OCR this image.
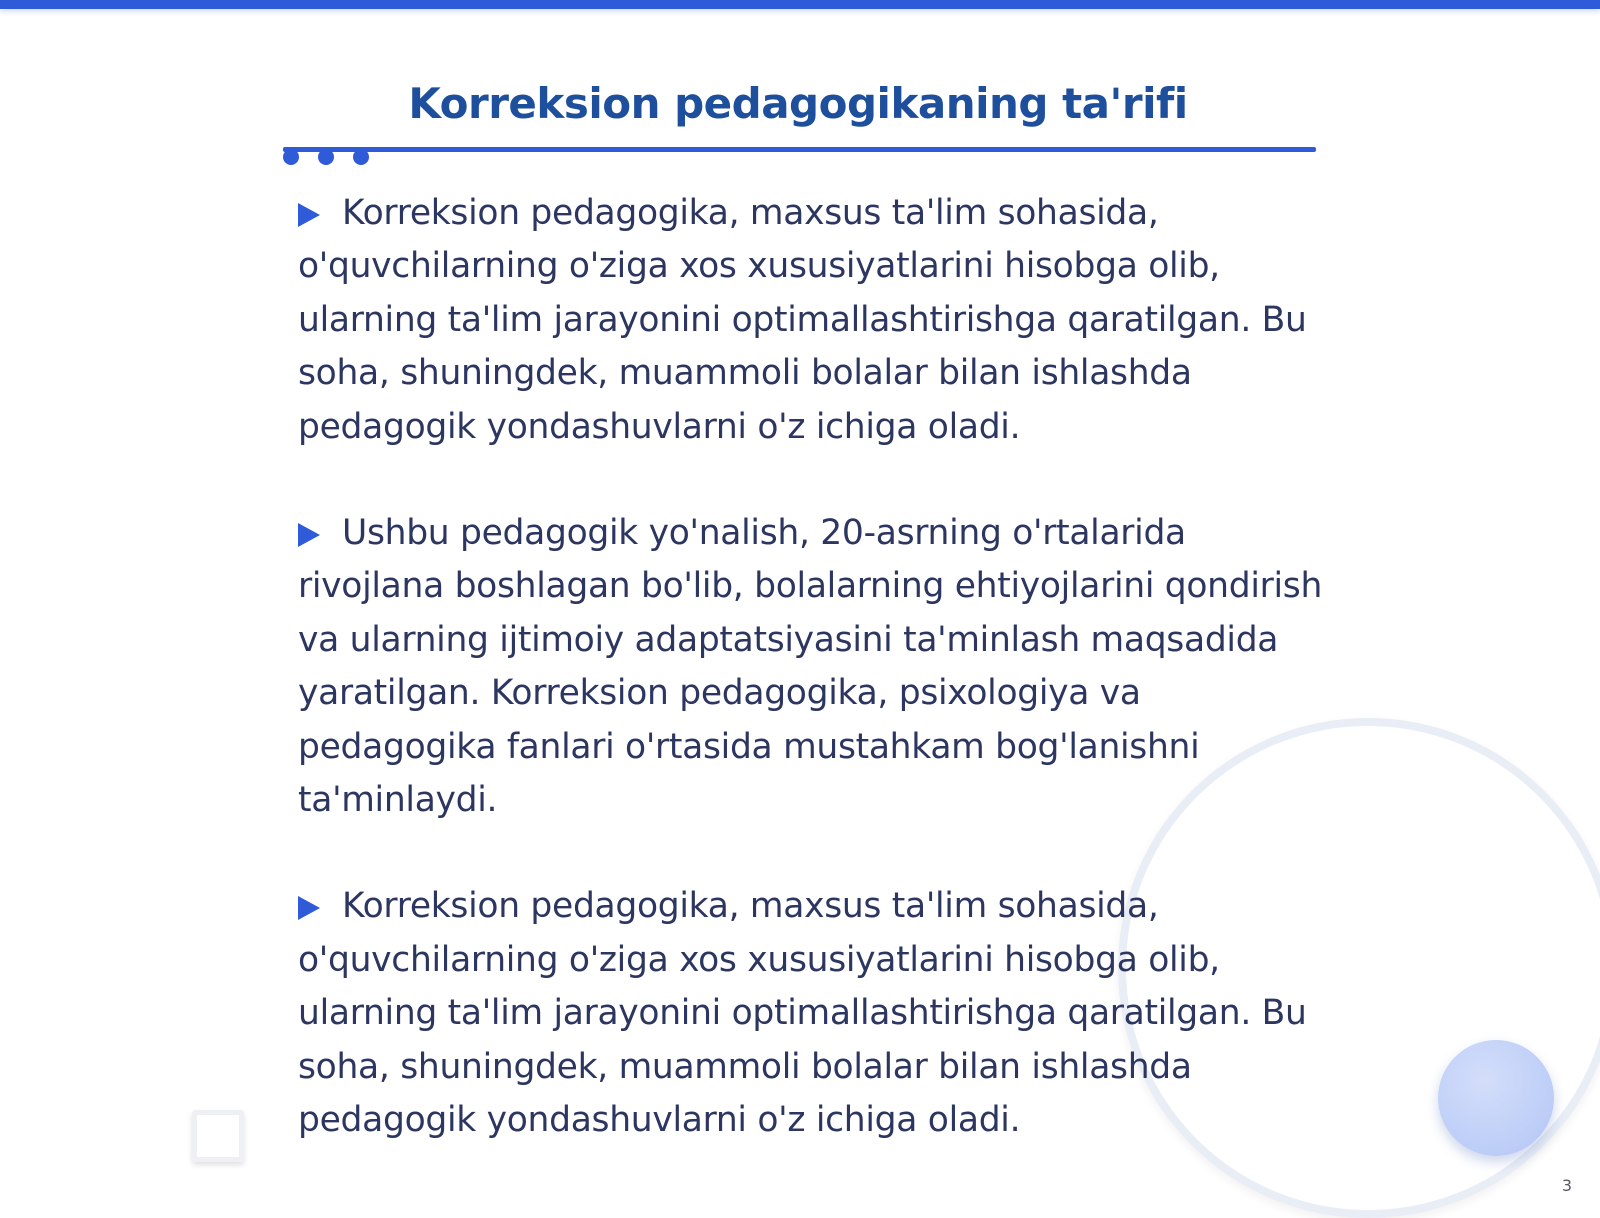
Korreksion pedagogikaning ta'rifi
Korreksion pedagogika, maxsus ta'lim sohasida, o'quvchilarning o'ziga xos xususiyatlarini hisobga olib, ularning ta'lim jarayonini optimallashtirishga qaratilgan. Bu soha, shuningdek, muammoli bolalar bilan ishlashda pedagogik yondashuvlarni o'z ichiga oladi.
Ushbu pedagogik yo'nalish, 20-asrning o'rtalarida rivojlana boshlagan bo'lib, bolalarning ehtiyojlarini qondirish va ularning ijtimoiy adaptatsiyasini ta'minlash maqsadida yaratilgan. Korreksion pedagogika, psixologiya va pedagogika fanlari o'rtasida mustahkam bog'lanishni ta'minlaydi.
Korreksion pedagogika, maxsus ta'lim sohasida, o'quvchilarning o'ziga xos xususiyatlarini hisobga olib, ularning ta'lim jarayonini optimallashtirishga qaratilgan. Bu soha, shuningdek, muammoli bolalar bilan ishlashda pedagogik yondashuvlarni o'z ichiga oladi.
3
